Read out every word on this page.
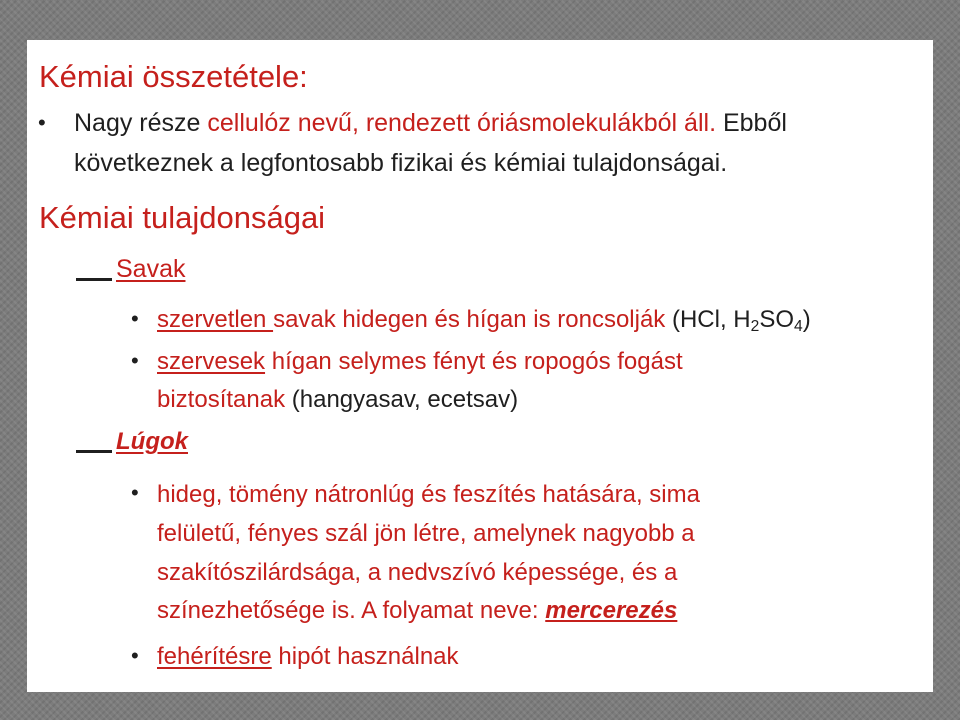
Kémiai összetétele:
• Nagy része cellulóz nevű, rendezett óriásmolekulákból áll. Ebből
következnek a legfontosabb fizikai és kémiai tulajdonságai.
Kémiai tulajdonságai
Savak
• szervetlen savak hidegen és hígan is roncsolják (HCl, $H_2SO_4$)
• szervesek hígan selymes fényt és ropogós fogást
biztosítanak (hangyasav, ecetsav)
Lúgok
• hideg, tömény nátronlúg és feszítés hatására, sima
felületű, fényes szál jön létre, amelynek nagyobb a
szakítószilárdsága, a nedvszívó képessége, és a
színezhetősége is. A folyamat neve: mercerezés
• fehérítésre hipót használnak
